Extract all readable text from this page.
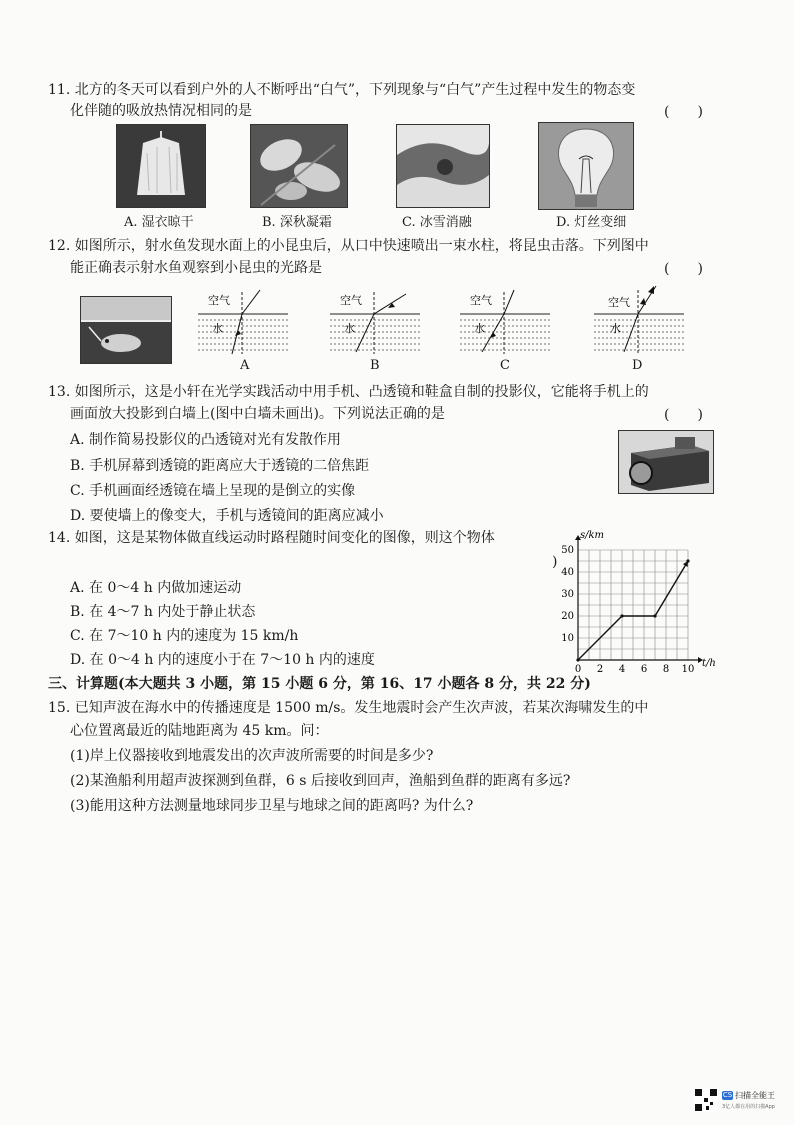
11. 北方的冬天可以看到户外的人不断呼出“白气”，下列现象与“白气”产生过程中发生的物态变
化伴随的吸放热情况相同的是	(　　)
A. 湿衣晾干	B. 深秋凝霜	C. 冰雪消融	D. 灯丝变细
12. 如图所示，射水鱼发现水面上的小昆虫后，从口中快速喷出一束水柱，将昆虫击落。下列图中
能正确表示射水鱼观察到小昆虫的光路是	(　　)
空气
水
空气
水
空气
水
空气
水
A	B	C	D
13. 如图所示，这是小轩在光学实践活动中用手机、凸透镜和鞋盒自制的投影仪，它能将手机上的
画面放大投影到白墙上(图中白墙未画出)。下列说法正确的是	(　　)
A. 制作简易投影仪的凸透镜对光有发散作用
B. 手机屏幕到透镜的距离应大于透镜的二倍焦距
C. 手机画面经透镜在墙上呈现的是倒立的实像
D. 要使墙上的像变大，手机与透镜间的距离应减小
14. 如图，这是某物体做直线运动时路程随时间变化的图像，则这个物体
)
A. 在 0～4 h 内做加速运动
B. 在 4～7 h 内处于静止状态
C. 在 7～10 h 内的速度为 15 km/h
D. 在 0～4 h 内的速度小于在 7～10 h 内的速度
0 2 4 6 8 10
10
20
30
40
50
s/km
t/h
三、计算题(本大题共 3 小题，第 15 小题 6 分，第 16、17 小题各 8 分，共 22 分)
15. 已知声波在海水中的传播速度是 1500 m/s。发生地震时会产生次声波，若某次海啸发生的中
心位置离最近的陆地距离为 45 km。问：
(1)岸上仪器接收到地震发出的次声波所需要的时间是多少?
(2)某渔船利用超声波探测到鱼群，6 s 后接收到回声，渔船到鱼群的距离有多远?
(3)能用这种方法测量地球同步卫星与地球之间的距离吗? 为什么?
CS 扫描全能王
3亿人都在用的扫描App
